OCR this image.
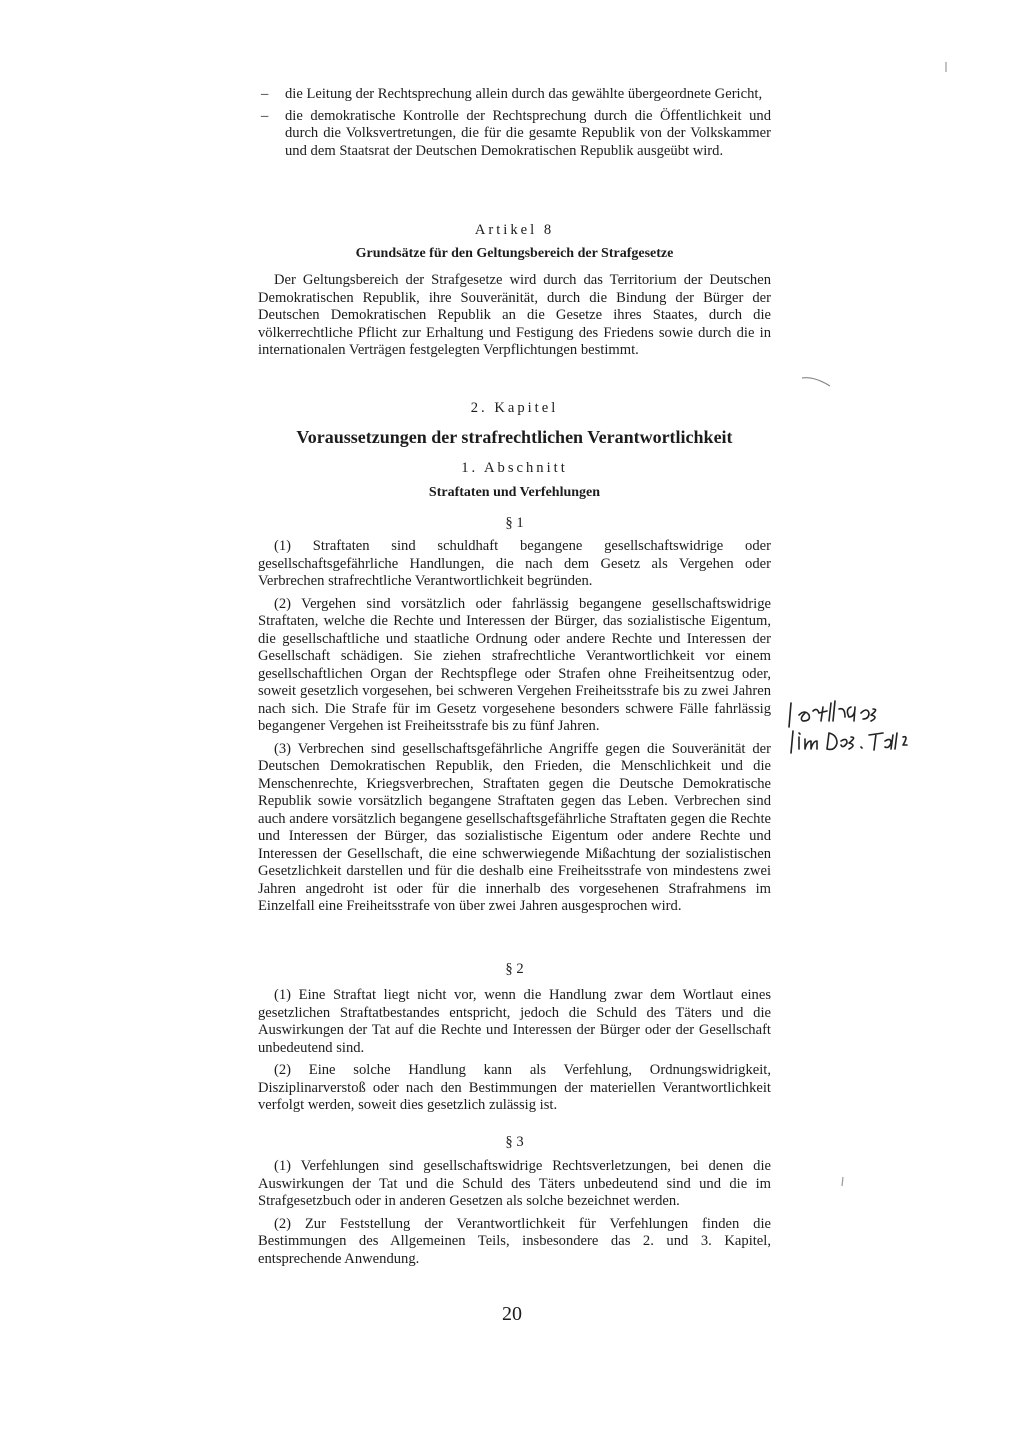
– die Leitung der Rechtsprechung allein durch das gewählte übergeordnete Gericht,
– die demokratische Kontrolle der Rechtsprechung durch die Öffentlichkeit und durch die Volksvertretungen, die für die gesamte Republik von der Volkskammer und dem Staatsrat der Deutschen Demokratischen Republik ausgeübt wird.
Artikel 8
Grundsätze für den Geltungsbereich der Strafgesetze

Der Geltungsbereich der Strafgesetze wird durch das Territorium der Deutschen Demokratischen Republik, ihre Souveränität, durch die Bindung der Bürger der Deutschen Demokratischen Republik an die Gesetze ihres Staates, durch die völkerrechtliche Pflicht zur Erhaltung und Festigung des Friedens sowie durch die in internationalen Verträgen festgelegten Verpflichtungen bestimmt.

2. Kapitel
Voraussetzungen der strafrechtlichen Verantwortlichkeit
1. Abschnitt
Straftaten und Verfehlungen
§ 1

(1) Straftaten sind schuldhaft begangene gesellschaftswidrige oder gesellschaftsgefährliche Handlungen, die nach dem Gesetz als Vergehen oder Verbrechen strafrechtliche Verantwortlichkeit begründen.

(2) Vergehen sind vorsätzlich oder fahrlässig begangene gesellschaftswidrige Straftaten, welche die Rechte und Interessen der Bürger, das sozialistische Eigentum, die gesellschaftliche und staatliche Ordnung oder andere Rechte und Interessen der Gesellschaft schädigen. Sie ziehen strafrechtliche Verantwortlichkeit vor einem gesellschaftlichen Organ der Rechtspflege oder Strafen ohne Freiheitsentzug oder, soweit gesetzlich vorgesehen, bei schweren Vergehen Freiheitsstrafe bis zu zwei Jahren nach sich. Die Strafe für im Gesetz vorgesehene besonders schwere Fälle fahrlässig begangener Vergehen ist Freiheitsstrafe bis zu fünf Jahren.

(3) Verbrechen sind gesellschaftsgefährliche Angriffe gegen die Souveränität der Deutschen Demokratischen Republik, den Frieden, die Menschlichkeit und die Menschenrechte, Kriegsverbrechen, Straftaten gegen die Deutsche Demokratische Republik sowie vorsätzlich begangene Straftaten gegen das Leben. Verbrechen sind auch andere vorsätzlich begangene gesellschaftsgefährliche Straftaten gegen die Rechte und Interessen der Bürger, das sozialistische Eigentum oder andere Rechte und Interessen der Gesellschaft, die eine schwerwiegende Mißachtung der sozialistischen Gesetzlichkeit darstellen und für die deshalb eine Freiheitsstrafe von mindestens zwei Jahren angedroht ist oder für die innerhalb des vorgesehenen Strafrahmens im Einzelfall eine Freiheitsstrafe von über zwei Jahren ausgesprochen wird.

§ 2

(1) Eine Straftat liegt nicht vor, wenn die Handlung zwar dem Wortlaut eines gesetzlichen Straftatbestandes entspricht, jedoch die Schuld des Täters und die Auswirkungen der Tat auf die Rechte und Interessen der Bürger oder der Gesellschaft unbedeutend sind.

(2) Eine solche Handlung kann als Verfehlung, Ordnungswidrigkeit, Disziplinarverstoß oder nach den Bestimmungen der materiellen Verantwortlichkeit verfolgt werden, soweit dies gesetzlich zulässig ist.

§ 3

(1) Verfehlungen sind gesellschaftswidrige Rechtsverletzungen, bei denen die Auswirkungen der Tat und die Schuld des Täters unbedeutend sind und die im Strafgesetzbuch oder in anderen Gesetzen als solche bezeichnet werden.

(2) Zur Feststellung der Verantwortlichkeit für Verfehlungen finden die Bestimmungen des Allgemeinen Teils, insbesondere das 2. und 3. Kapitel, entsprechende Anwendung.

20
